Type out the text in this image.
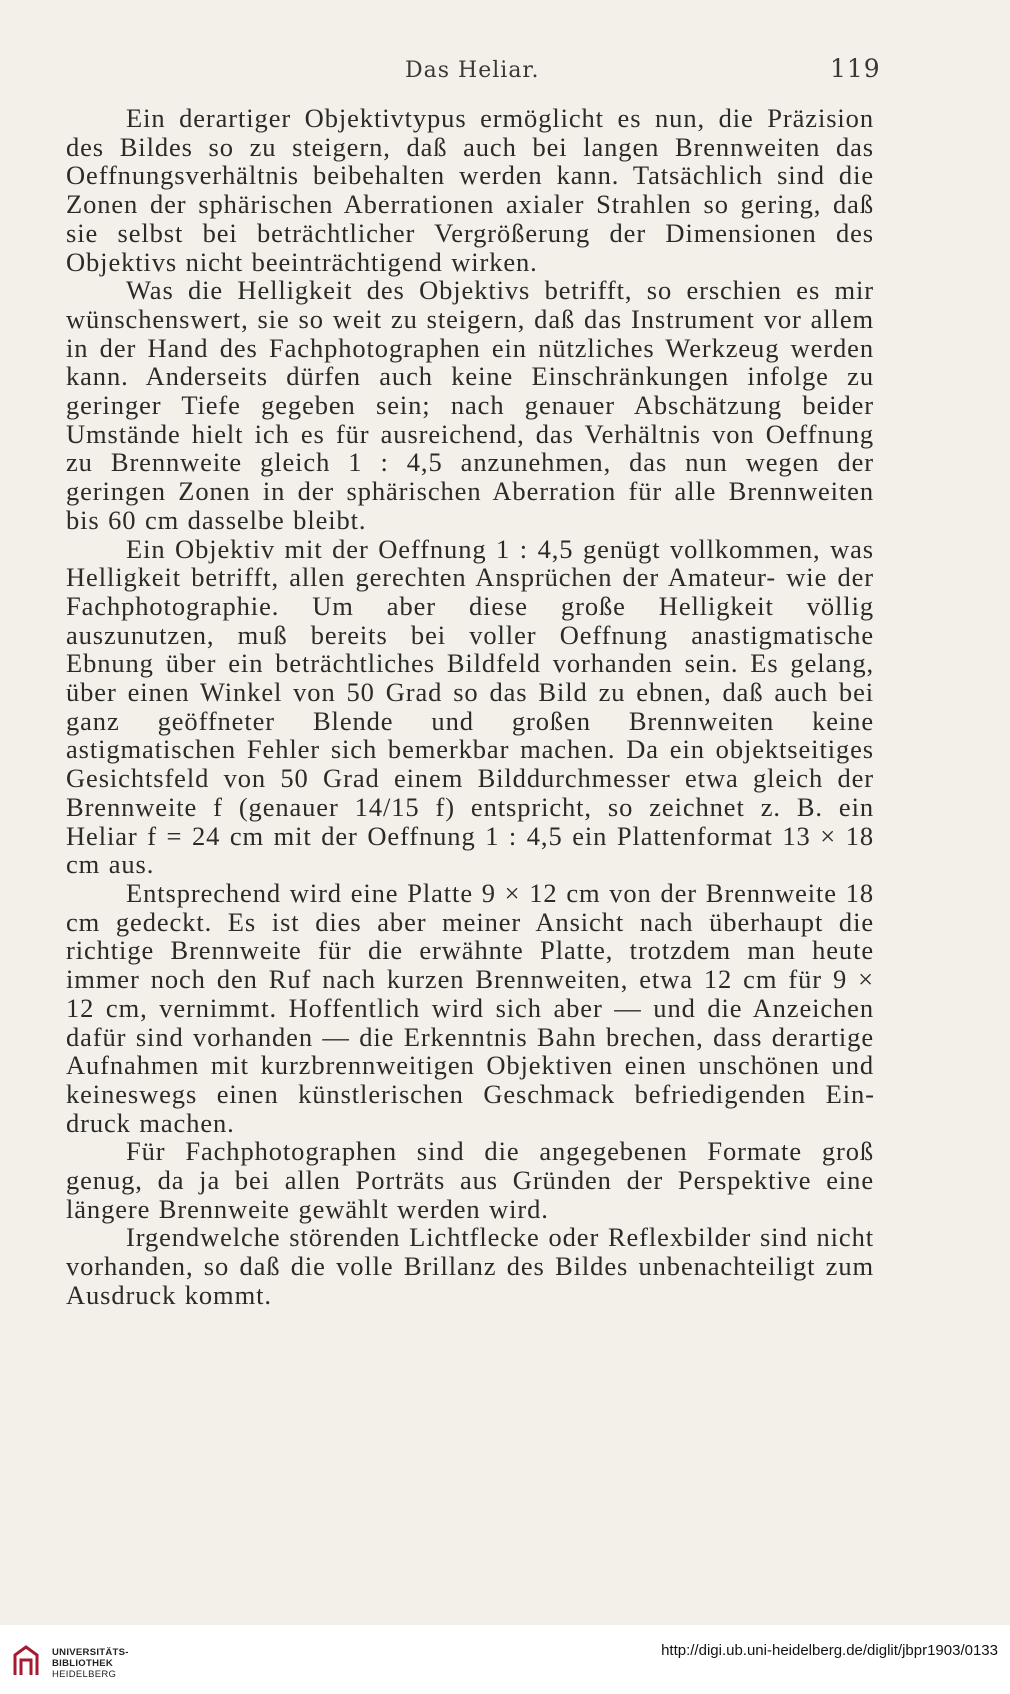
Das Heliar.	119

Ein derartiger Objektivtypus ermöglicht es nun, die Präzision des Bildes so zu steigern, daß auch bei langen Brennweiten das Oeffnungsverhältnis beibehalten werden kann. Tatsächlich sind die Zonen der sphärischen Aberrationen axialer Strahlen so gering, daß sie selbst bei beträchtlicher Vergrößerung der Dimensionen des Objektivs nicht beeinträchtigend wirken.

Was die Helligkeit des Objektivs betrifft, so erschien es mir wünschenswert, sie so weit zu steigern, daß das Instrument vor allem in der Hand des Fachphotographen ein nützliches Werkzeug werden kann. Anderseits dürfen auch keine Einschränkungen infolge zu geringer Tiefe gegeben sein; nach genauer Abschätzung beider Umstände hielt ich es für ausreichend, das Verhältnis von Oeffnung zu Brennweite gleich 1 : 4,5 anzunehmen, das nun wegen der geringen Zonen in der sphärischen Aberration für alle Brennweiten bis 60 cm dasselbe bleibt.

Ein Objektiv mit der Oeffnung 1 : 4,5 genügt vollkommen, was Helligkeit betrifft, allen gerechten Ansprüchen der Amateur- wie der Fachphotographie. Um aber diese große Helligkeit völlig auszunutzen, muß bereits bei voller Oeffnung anastigmatische Ebnung über ein beträchtliches Bildfeld vorhanden sein. Es gelang, über einen Winkel von 50 Grad so das Bild zu ebnen, daß auch bei ganz geöffneter Blende und großen Brennweiten keine astigmatischen Fehler sich bemerkbar machen. Da ein objektseitiges Gesichtsfeld von 50 Grad einem Bilddurchmesser etwa gleich der Brennweite f (genauer 14/15 f) entspricht, so zeichnet z. B. ein Heliar f = 24 cm mit der Oeffnung 1 : 4,5 ein Plattenformat 13 × 18 cm aus.

Entsprechend wird eine Platte 9 × 12 cm von der Brennweite 18 cm gedeckt. Es ist dies aber meiner Ansicht nach überhaupt die richtige Brennweite für die erwähnte Platte, trotzdem man heute immer noch den Ruf nach kurzen Brennweiten, etwa 12 cm für 9 × 12 cm, vernimmt. Hoffentlich wird sich aber — und die Anzeichen dafür sind vorhanden — die Erkenntnis Bahn brechen, dass derartige Aufnahmen mit kurzbrennweitigen Objektiven einen unschönen und keineswegs einen künstlerischen Geschmack befriedigenden Eindruck machen.

Für Fachphotographen sind die angegebenen Formate groß genug, da ja bei allen Porträts aus Gründen der Perspektive eine längere Brennweite gewählt werden wird.

Irgendwelche störenden Lichtflecke oder Reflexbilder sind nicht vorhanden, so daß die volle Brillanz des Bildes unbenachteiligt zum Ausdruck kommt.

UNIVERSITÄTS-
BIBLIOTHEK
HEIDELBERG
http://digi.ub.uni-heidelberg.de/diglit/jbpr1903/0133
